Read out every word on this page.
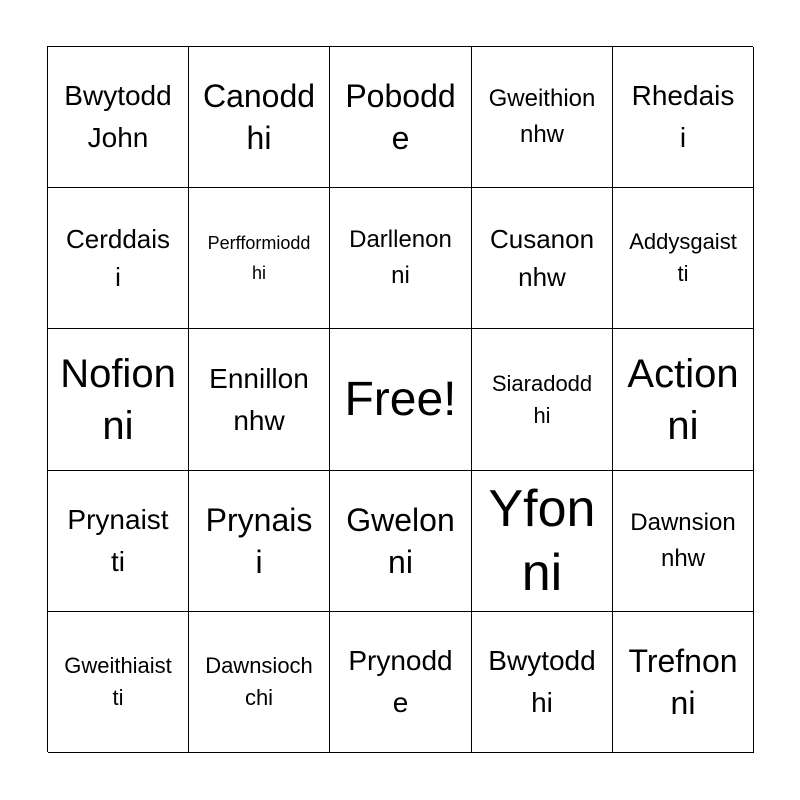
Bwytodd
John
Canodd
hi
Pobodd
e
Gweithion
nhw
Rhedais
i
Cerddais
i
Perfformiodd
hi
Darllenon
ni
Cusanon
nhw
Addysgaist
ti
Nofion
ni
Ennillon
nhw	Free!	Siaradodd
hi
Action
ni
Prynaist
ti
Prynais
i
Gwelon
ni
Yfon
ni
Dawnsion
nhw
Gweithiaist
ti
Dawnsioch
chi
Prynodd
e
Bwytodd
hi
Trefnon
ni
